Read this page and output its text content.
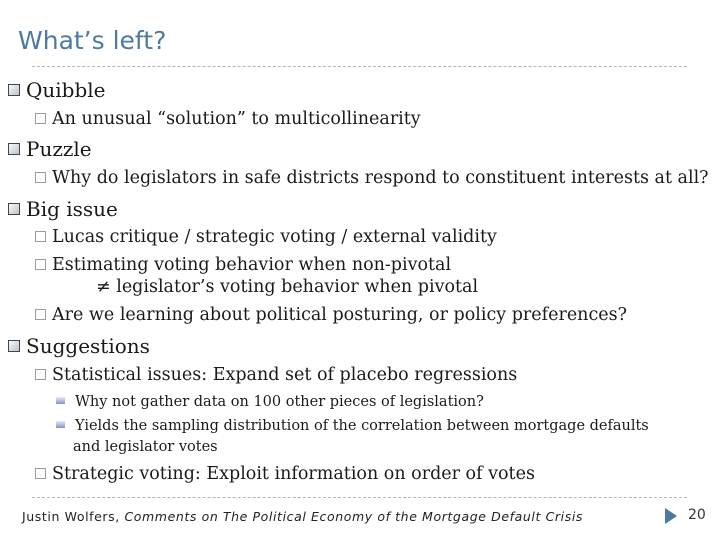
What’s left?
Quibble
An unusual “solution” to multicollinearity
Puzzle
Why do legislators in safe districts respond to constituent interests at all?
Big issue
Lucas critique / strategic voting / external validity
Estimating voting behavior when non-pivotal
≠ legislator’s voting behavior when pivotal
Are we learning about political posturing, or policy preferences?
Suggestions
Statistical issues: Expand set of placebo regressions
Why not gather data on 100 other pieces of legislation?
Yields the sampling distribution of the correlation between mortgage defaults
and legislator votes
Strategic voting: Exploit information on order of votes
Justin Wolfers, Comments on The Political Economy of the Mortgage Default Crisis	20
